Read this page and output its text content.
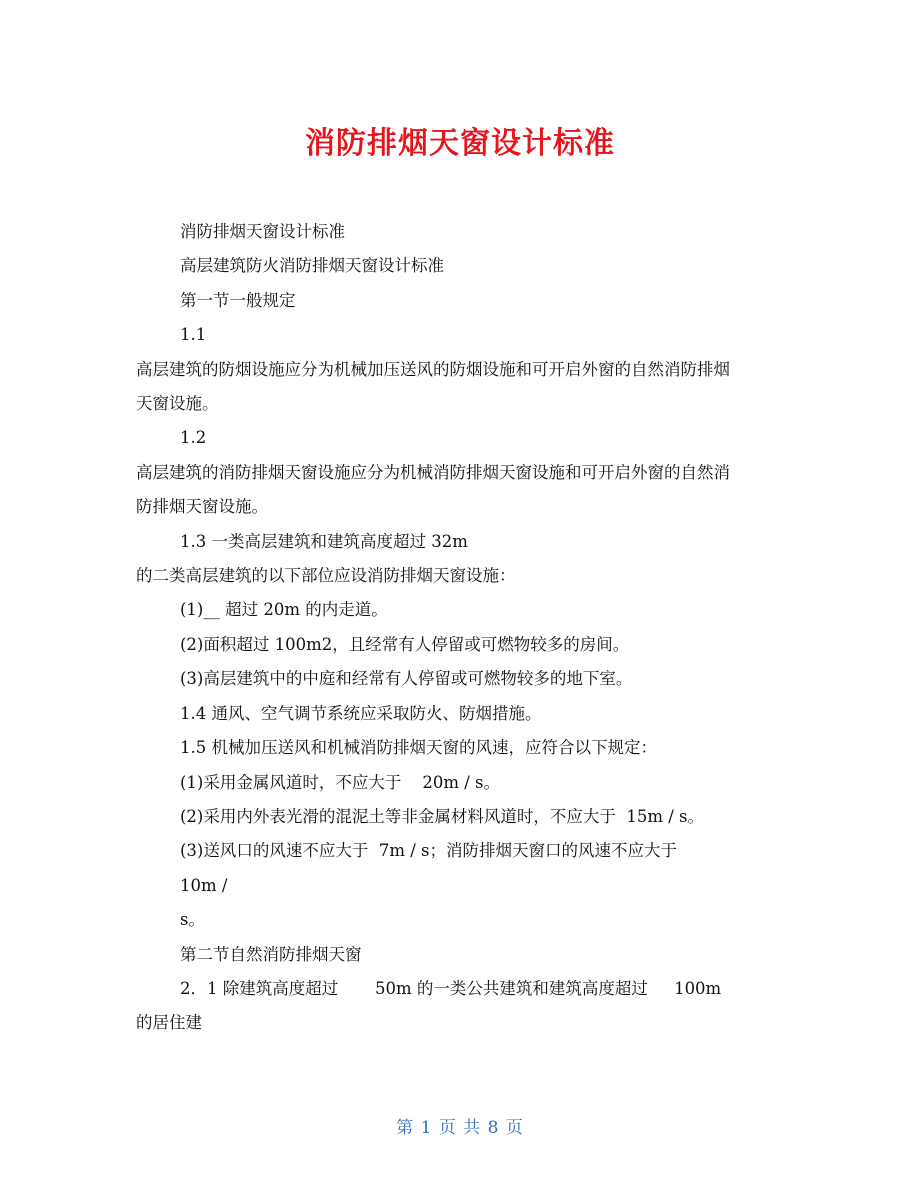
消防排烟天窗设计标准

消防排烟天窗设计标准

高层建筑防火消防排烟天窗设计标准

第一节一般规定

1.1

高层建筑的防烟设施应分为机械加压送风的防烟设施和可开启外窗的自然消防排烟

天窗设施。

1.2

高层建筑的消防排烟天窗设施应分为机械消防排烟天窗设施和可开启外窗的自然消

防排烟天窗设施。

1.3 一类高层建筑和建筑高度超过 32m

的二类高层建筑的以下部位应设消防排烟天窗设施：

(1)__ 超过 20m 的内走道。

(2)面积超过 100m2，且经常有人停留或可燃物较多的房间。

(3)高层建筑中的中庭和经常有人停留或可燃物较多的地下室。

1.4 通风、空气调节系统应采取防火、防烟措施。

1.5 机械加压送风和机械消防排烟天窗的风速，应符合以下规定：

(1)采用金属风道时，不应大于    20m / s。

(2)采用内外表光滑的混泥土等非金属材料风道时，不应大于  15m / s。

(3)送风口的风速不应大于  7m / s；消防排烟天窗口的风速不应大于

10m /

s。

第二节自然消防排烟天窗

2．1 除建筑高度超过       50m 的一类公共建筑和建筑高度超过     100m

的居住建

第 1 页 共 8 页
